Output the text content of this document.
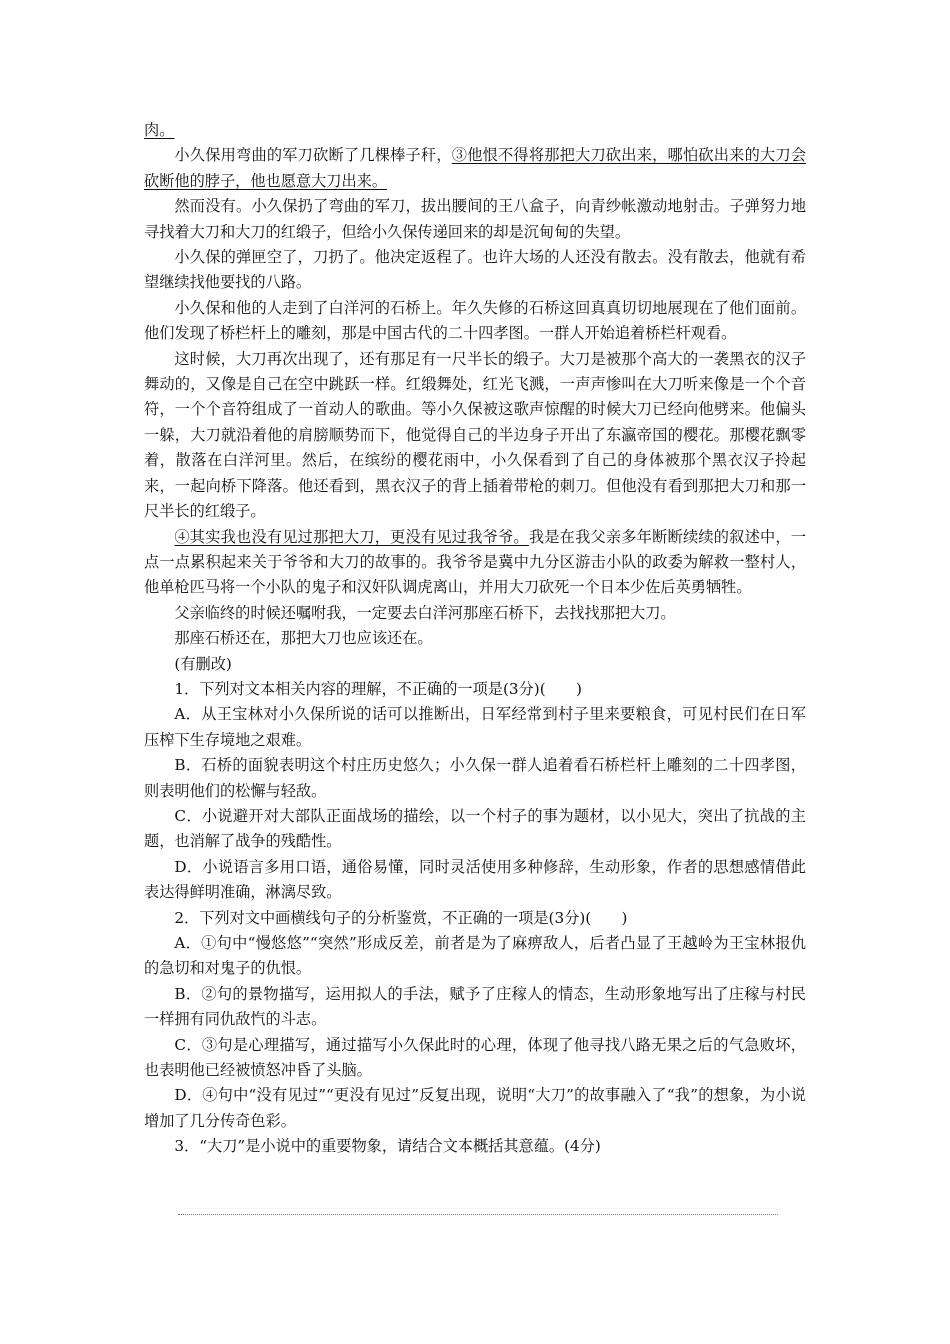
肉。

小久保用弯曲的军刀砍断了几棵棒子秆，③他恨不得将那把大刀砍出来，哪怕砍出来的大刀会砍断他的脖子，他也愿意大刀出来。

然而没有。小久保扔了弯曲的军刀，拔出腰间的王八盒子，向青纱帐激动地射击。子弹努力地寻找着大刀和大刀的红缎子，但给小久保传递回来的却是沉甸甸的失望。

小久保的弹匣空了，刀扔了。他决定返程了。也许大场的人还没有散去。没有散去，他就有希望继续找他要找的八路。

小久保和他的人走到了白洋河的石桥上。年久失修的石桥这回真真切切地展现在了他们面前。他们发现了桥栏杆上的雕刻，那是中国古代的二十四孝图。一群人开始追着桥栏杆观看。

这时候，大刀再次出现了，还有那足有一尺半长的缎子。大刀是被那个高大的一袭黑衣的汉子舞动的，又像是自己在空中跳跃一样。红缎舞处，红光飞溅，一声声惨叫在大刀听来像是一个个音符，一个个音符组成了一首动人的歌曲。等小久保被这歌声惊醒的时候大刀已经向他劈来。他偏头一躲，大刀就沿着他的肩膀顺势而下，他觉得自己的半边身子开出了东瀛帝国的樱花。那樱花飘零着，散落在白洋河里。然后，在缤纷的樱花雨中，小久保看到了自己的身体被那个黑衣汉子拎起来，一起向桥下降落。他还看到，黑衣汉子的背上插着带枪的刺刀。但他没有看到那把大刀和那一尺半长的红缎子。

④其实我也没有见过那把大刀，更没有见过我爷爷。我是在我父亲多年断断续续的叙述中，一点一点累积起来关于爷爷和大刀的故事的。我爷爷是冀中九分区游击小队的政委为解救一整村人，他单枪匹马将一个小队的鬼子和汉奸队调虎离山，并用大刀砍死一个日本少佐后英勇牺牲。

父亲临终的时候还嘱咐我，一定要去白洋河那座石桥下，去找找那把大刀。

那座石桥还在，那把大刀也应该还在。

(有删改)

1．下列对文本相关内容的理解，不正确的一项是(3分)(　　)

A．从王宝林对小久保所说的话可以推断出，日军经常到村子里来要粮食，可见村民们在日军压榨下生存境地之艰难。

B．石桥的面貌表明这个村庄历史悠久；小久保一群人追着看石桥栏杆上雕刻的二十四孝图，则表明他们的松懈与轻敌。

C．小说避开对大部队正面战场的描绘，以一个村子的事为题材，以小见大，突出了抗战的主题，也消解了战争的残酷性。

D．小说语言多用口语，通俗易懂，同时灵活使用多种修辞，生动形象，作者的思想感情借此表达得鲜明准确，淋漓尽致。

2．下列对文中画横线句子的分析鉴赏，不正确的一项是(3分)(　　)

A．①句中“慢悠悠”“突然”形成反差，前者是为了麻痹敌人，后者凸显了王越岭为王宝林报仇的急切和对鬼子的仇恨。

B．②句的景物描写，运用拟人的手法，赋予了庄稼人的情态，生动形象地写出了庄稼与村民一样拥有同仇敌忾的斗志。

C．③句是心理描写，通过描写小久保此时的心理，体现了他寻找八路无果之后的气急败坏，也表明他已经被愤怒冲昏了头脑。

D．④句中“没有见过”“更没有见过”反复出现，说明“大刀”的故事融入了“我”的想象，为小说增加了几分传奇色彩。

3．“大刀”是小说中的重要物象，请结合文本概括其意蕴。(4分)
